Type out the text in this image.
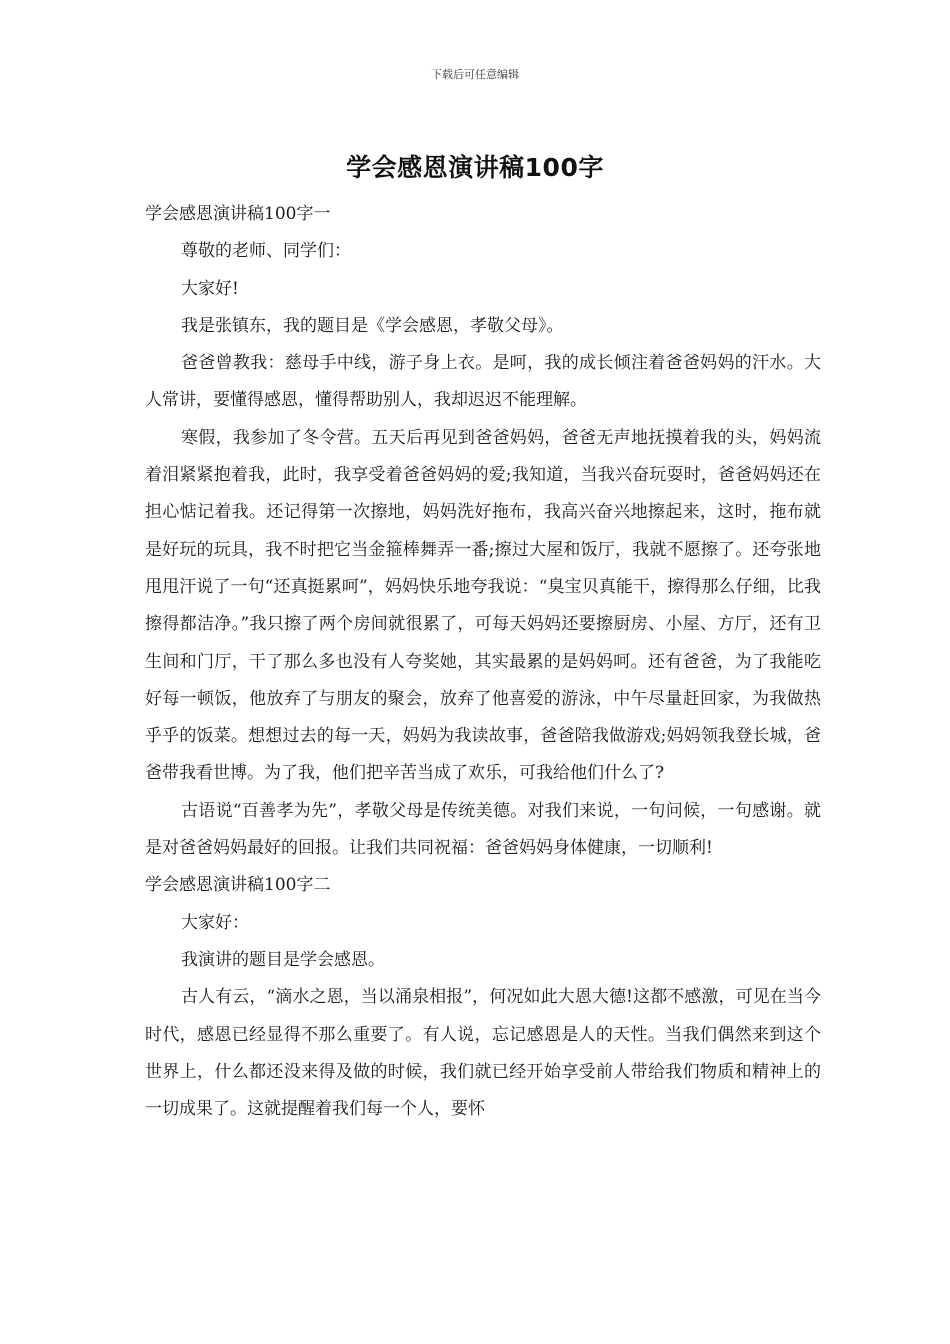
下载后可任意编辑
学会感恩演讲稿100字

学会感恩演讲稿100字一

尊敬的老师、同学们：

大家好!

我是张镇东，我的题目是《学会感恩，孝敬父母》。

爸爸曾教我：慈母手中线，游子身上衣。是呵，我的成长倾注着爸爸妈妈的汗水。大人常讲，要懂得感恩，懂得帮助别人，我却迟迟不能理解。

寒假，我参加了冬令营。五天后再见到爸爸妈妈，爸爸无声地抚摸着我的头，妈妈流着泪紧紧抱着我，此时，我享受着爸爸妈妈的爱;我知道，当我兴奋玩耍时，爸爸妈妈还在担心惦记着我。还记得第一次擦地，妈妈洗好拖布，我高兴奋兴地擦起来，这时，拖布就是好玩的玩具，我不时把它当金箍棒舞弄一番;擦过大屋和饭厅，我就不愿擦了。还夸张地甩甩汗说了一句“还真挺累呵”，妈妈快乐地夸我说：“臭宝贝真能干，擦得那么仔细，比我擦得都洁净。”我只擦了两个房间就很累了，可每天妈妈还要擦厨房、小屋、方厅，还有卫生间和门厅，干了那么多也没有人夸奖她，其实最累的是妈妈呵。还有爸爸，为了我能吃好每一顿饭，他放弃了与朋友的聚会，放弃了他喜爱的游泳，中午尽量赶回家，为我做热乎乎的饭菜。想想过去的每一天，妈妈为我读故事，爸爸陪我做游戏;妈妈领我登长城，爸爸带我看世博。为了我，他们把辛苦当成了欢乐，可我给他们什么了?

古语说“百善孝为先”，孝敬父母是传统美德。对我们来说，一句问候，一句感谢。就是对爸爸妈妈最好的回报。让我们共同祝福：爸爸妈妈身体健康，一切顺利!

学会感恩演讲稿100字二

大家好：

我演讲的题目是学会感恩。

古人有云，“滴水之恩，当以涌泉相报”，何况如此大恩大德!这都不感激，可见在当今时代，感恩已经显得不那么重要了。有人说，忘记感恩是人的天性。当我们偶然来到这个世界上，什么都还没来得及做的时候，我们就已经开始享受前人带给我们物质和精神上的一切成果了。这就提醒着我们每一个人，要怀
